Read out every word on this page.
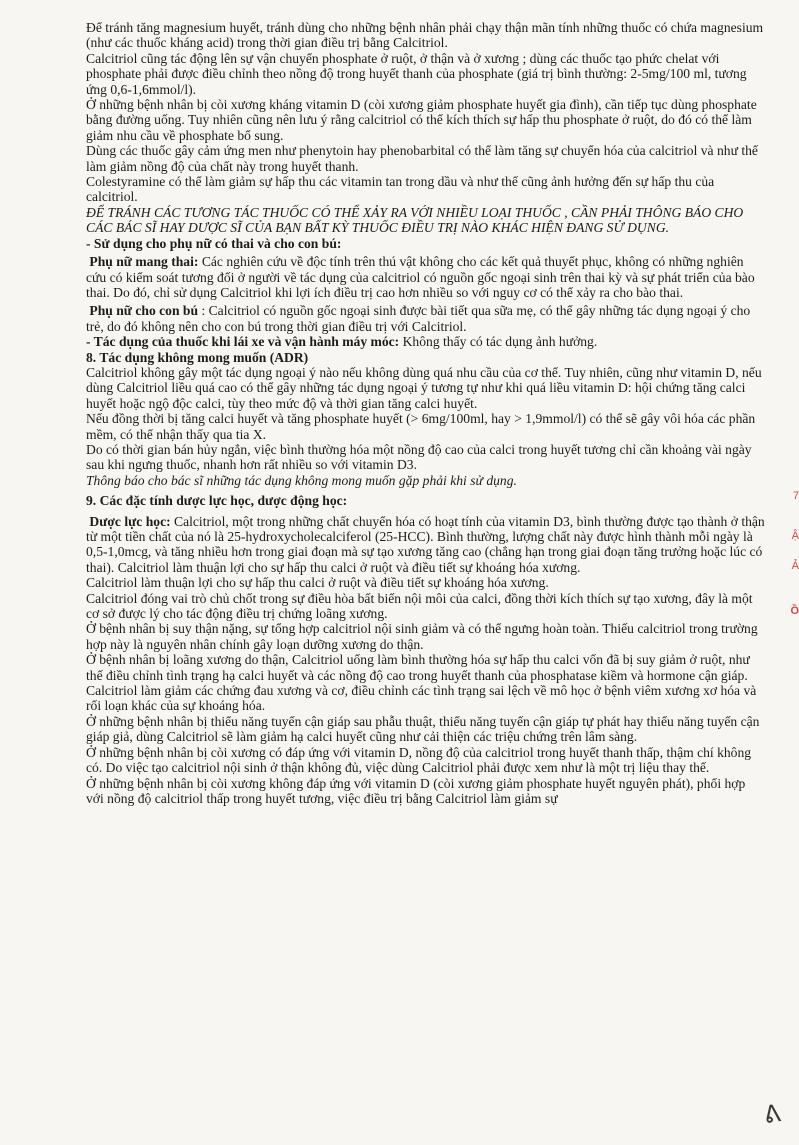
Để tránh tăng magnesium huyết, tránh dùng cho những bệnh nhân phải chạy thận mãn tính những thuốc có chứa magnesium (như các thuốc kháng acid) trong thời gian điều trị bằng Calcitriol.

Calcitriol cũng tác động lên sự vận chuyển phosphate ở ruột, ở thận và ở xương ; dùng các thuốc tạo phức chelat với phosphate phải được điều chỉnh theo nồng độ trong huyết thanh của phosphate (giá trị bình thường: 2-5mg/100 ml, tương ứng 0,6-1,6mmol/l).

Ở những bệnh nhân bị còi xương kháng vitamin D (còi xương giảm phosphate huyết gia đình), cần tiếp tục dùng phosphate bằng đường uống. Tuy nhiên cũng nên lưu ý rằng calcitriol có thể kích thích sự hấp thu phosphate ở ruột, do đó có thể làm giảm nhu cầu về phosphate bổ sung.

Dùng các thuốc gây cảm ứng men như phenytoin hay phenobarbital có thể làm tăng sự chuyển hóa của calcitriol và như thế làm giảm nồng độ của chất này trong huyết thanh.

Colestyramine có thể làm giảm sự hấp thu các vitamin tan trong dầu và như thế cũng ảnh hưởng đến sự hấp thu của calcitriol.

ĐỂ TRÁNH CÁC TƯƠNG TÁC THUỐC CÓ THỂ XẢY RA VỚI NHIỀU LOẠI THUỐC , CẦN PHẢI THÔNG BÁO CHO CÁC BÁC SĨ HAY DƯỢC SĨ CỦA BẠN BẤT KỲ THUỐC ĐIỀU TRỊ NÀO KHÁC HIỆN ĐANG SỬ DỤNG.

- Sử dụng cho phụ nữ có thai và cho con bú:

Phụ nữ mang thai: Các nghiên cứu về độc tính trên thú vật không cho các kết quả thuyết phục, không có những nghiên cứu có kiểm soát tương đối ở người về tác dụng của calcitriol có nguồn gốc ngoại sinh trên thai kỳ và sự phát triển của bào thai. Do đó, chỉ sử dụng Calcitriol khi lợi ích điều trị cao hơn nhiều so với nguy cơ có thể xảy ra cho bào thai.

Phụ nữ cho con bú : Calcitriol có nguồn gốc ngoại sinh được bài tiết qua sữa mẹ, có thể gây những tác dụng ngoại ý cho trẻ, do đó không nên cho con bú trong thời gian điều trị với Calcitriol.

- Tác dụng của thuốc khi lái xe và vận hành máy móc: Không thấy có tác dụng ảnh hưởng.

8. Tác dụng không mong muốn (ADR)

Calcitriol không gây một tác dụng ngoại ý nào nếu không dùng quá nhu cầu của cơ thể. Tuy nhiên, cũng như vitamin D, nếu dùng Calcitriol liều quá cao có thể gây những tác dụng ngoại ý tương tự như khi quá liều vitamin D: hội chứng tăng calci huyết hoặc ngộ độc calci, tùy theo mức độ và thời gian tăng calci huyết.

Nếu đồng thời bị tăng calci huyết và tăng phosphate huyết (> 6mg/100ml, hay > 1,9mmol/l) có thể sẽ gây vôi hóa các phần mềm, có thể nhận thấy qua tia X.

Do có thời gian bán hủy ngắn, việc bình thường hóa một nồng độ cao của calci trong huyết tương chỉ cần khoảng vài ngày sau khi ngưng thuốc, nhanh hơn rất nhiều so với vitamin D3.

Thông báo cho bác sĩ những tác dụng không mong muốn gặp phải khi sử dụng.

9. Các đặc tính dược lực học, dược động học:

Dược lực học: Calcitriol, một trong những chất chuyển hóa có hoạt tính của vitamin D3, bình thường được tạo thành ở thận từ một tiền chất của nó là 25-hydroxycholecalciferol (25-HCC). Bình thường, lượng chất này được hình thành mỗi ngày là 0,5-1,0mcg, và tăng nhiều hơn trong giai đoạn mà sự tạo xương tăng cao (chẳng hạn trong giai đoạn tăng trưởng hoặc lúc có thai). Calcitriol làm thuận lợi cho sự hấp thu calci ở ruột và điều tiết sự khoáng hóa xương.

Calcitriol làm thuận lợi cho sự hấp thu calci ở ruột và điều tiết sự khoáng hóa xương.

Calcitriol đóng vai trò chủ chốt trong sự điều hòa bất biến nội môi của calci, đồng thời kích thích sự tạo xương, đây là một cơ sở được lý cho tác động điều trị chứng loãng xương.

Ở bệnh nhân bị suy thận nặng, sự tổng hợp calcitriol nội sinh giảm và có thể ngưng hoàn toàn. Thiếu calcitriol trong trường hợp này là nguyên nhân chính gây loạn dưỡng xương do thận.

Ở bệnh nhân bị loãng xương do thận, Calcitriol uống làm bình thường hóa sự hấp thu calci vốn đã bị suy giảm ở ruột, như thế điều chỉnh tình trạng hạ calci huyết và các nồng độ cao trong huyết thanh của phosphatase kiềm và hormone cận giáp. Calcitriol làm giảm các chứng đau xương và cơ, điều chỉnh các tình trạng sai lệch về mô học ở bệnh viêm xương xơ hóa và rối loạn khác của sự khoáng hóa.

Ở những bệnh nhân bị thiểu năng tuyến cận giáp sau phẫu thuật, thiểu năng tuyến cận giáp tự phát hay thiểu năng tuyến cận giáp giả, dùng Calcitriol sẽ làm giảm hạ calci huyết cũng như cải thiện các triệu chứng trên lâm sàng.

Ở những bệnh nhân bị còi xương có đáp ứng với vitamin D, nồng độ của calcitriol trong huyết thanh thấp, thậm chí không có. Do việc tạo calcitriol nội sinh ở thận không đủ, việc dùng Calcitriol phải được xem như là một trị liệu thay thế.

Ở những bệnh nhân bị còi xương không đáp ứng với vitamin D (còi xương giảm phosphate huyết nguyên phát), phối hợp với nồng độ calcitriol thấp trong huyết tương, việc điều trị bằng Calcitriol làm giảm sự

7
Ậ
Ả
Ồ
ᕕ
